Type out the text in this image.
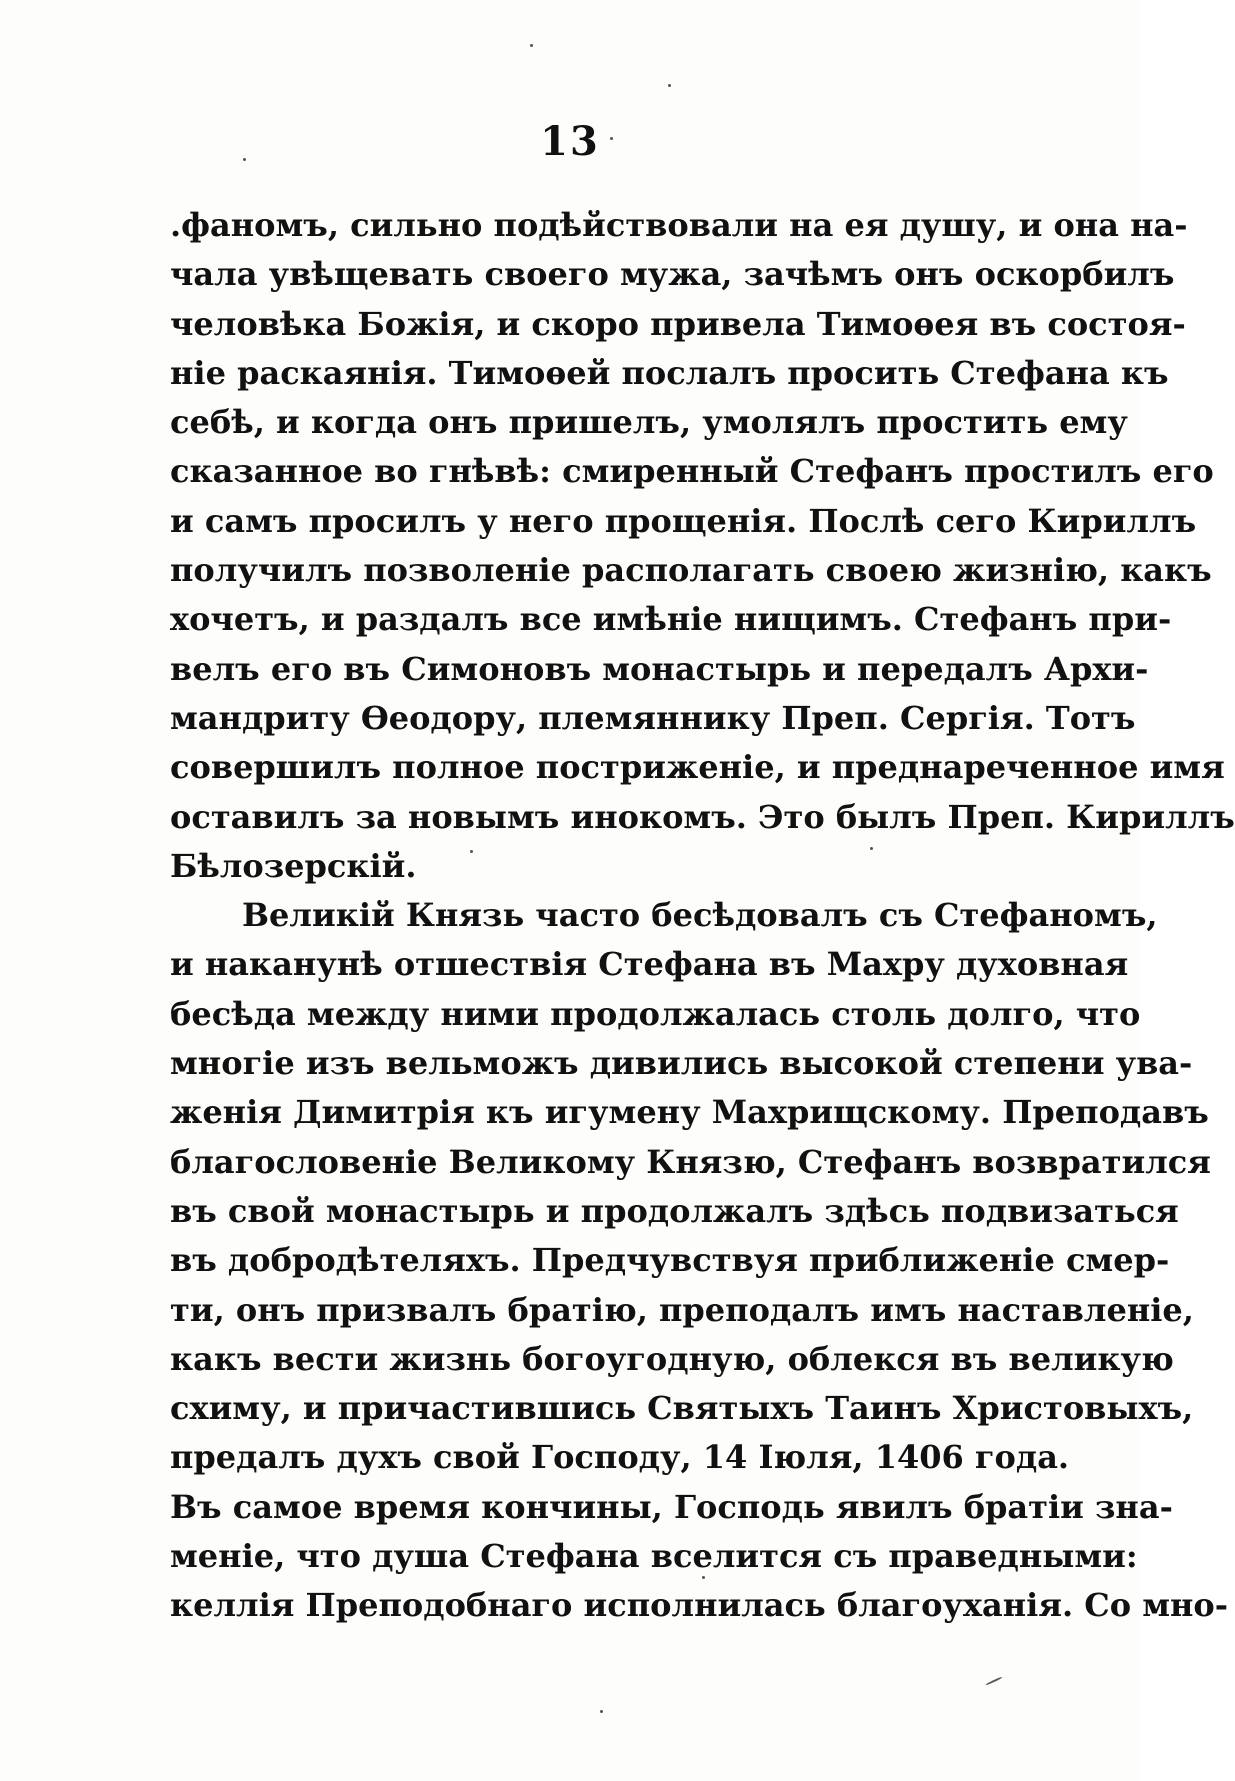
13
.фаномъ, сильно подѣйствовали на ея душу, и она на-
чала увѣщевать своего мужа, зачѣмъ онъ оскорбилъ
человѣка Божія, и скоро привела Тимоѳея въ состоя-
ніе раскаянія. Тимоѳей послалъ просить Стефана къ
себѣ, и когда онъ пришелъ, умолялъ простить ему
сказанное во гнѣвѣ: смиренный Стефанъ простилъ его
и самъ просилъ у него прощенія. Послѣ сего Кириллъ
получилъ позволеніе располагать своею жизнію, какъ
хочетъ, и раздалъ все имѣніе нищимъ. Стефанъ при-
велъ его въ Симоновъ монастырь и передалъ Архи-
мандриту Ѳеодору, племяннику Преп. Сергія. Тотъ
совершилъ полное постриженіе, и преднареченное имя
оставилъ за новымъ инокомъ. Это былъ Преп. Кириллъ
Бѣлозерскій.
Великій Князь часто бесѣдовалъ съ Стефаномъ,
и наканунѣ отшествія Стефана въ Махру духовная
бесѣда между ними продолжалась столь долго, что
многіе изъ вельможъ дивились высокой степени ува-
женія Димитрія къ игумену Махрищскому. Преподавъ
благословеніе Великому Князю, Стефанъ возвратился
въ свой монастырь и продолжалъ здѣсь подвизаться
въ добродѣтеляхъ. Предчувствуя приближеніе смер-
ти, онъ призвалъ братію, преподалъ имъ наставленіе,
какъ вести жизнь богоугодную, облекся въ великую
схиму, и причастившись Святыхъ Таинъ Христовыхъ,
предалъ духъ свой Господу, 14 Іюля, 1406 года.
Въ самое время кончины, Господь явилъ братіи зна-
меніе, что душа Стефана вселится съ праведными:
келлія Преподобнаго исполнилась благоуханія. Со мно-
